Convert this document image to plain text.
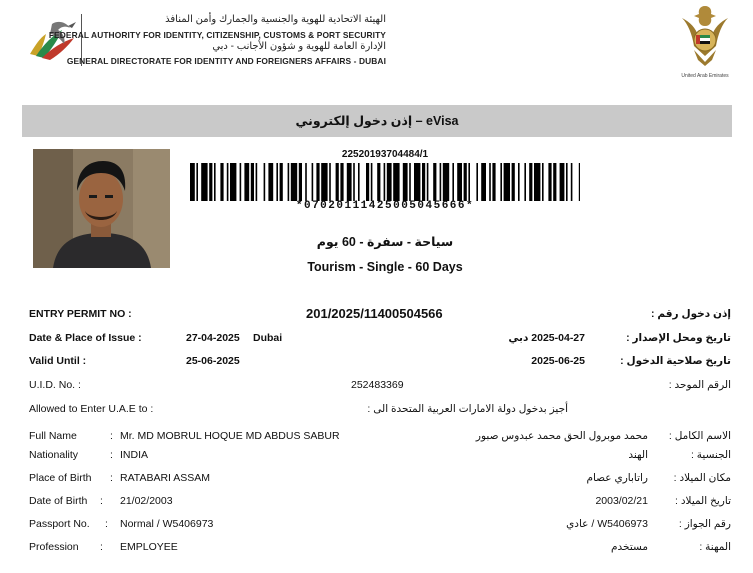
الهيئة الاتحادية للهوية والجنسية والجمارك وأمن المنافذ
FEDERAL AUTHORITY FOR IDENTITY, CITIZENSHIP, CUSTOMS & PORT SECURITY
الإدارة العامة للهوية و شؤون الأجانب - دبي
GENERAL DIRECTORATE FOR IDENTITY AND FOREIGNERS AFFAIRS - DUBAI
United Arab Emirates
إذن دخول إلكتروني – eVisa
22520193704484/1
*07020111425005045666*
سياحة - سفرة - 60 يوم
Tourism - Single - 60 Days
ENTRY PERMIT NO :	201/2025/11400504566	إذن دخول رقم :
Date & Place of Issue :	27-04-2025 Dubai	2025-04-27 دبي	تاريخ ومحل الإصدار :
Valid Until :	25-06-2025	2025-06-25	تاريخ صلاحية الدخول :
U.I.D. No. :	252483369	الرقم الموحد :
Allowed to Enter U.A.E to :	أجيز بدخول دولة الامارات العربية المتحدة الى :
Full Name	: Mr. MD MOBRUL HOQUE MD ABDUS SABUR	محمد موبرول الحق محمد عبدوس صبور الاسم الكامل :
Nationality	: INDIA	الهند	الجنسية :
Place of Birth : RATABARI ASSAM	راتاباري عصام مكان الميلاد :
Date of Birth : 21/02/2003	2003/02/21	تاريخ الميلاد :
Passport No. : Normal / W5406973	W5406973 / عادي	رقم الجواز :
Profession : EMPLOYEE	مستخدم	المهنة :
